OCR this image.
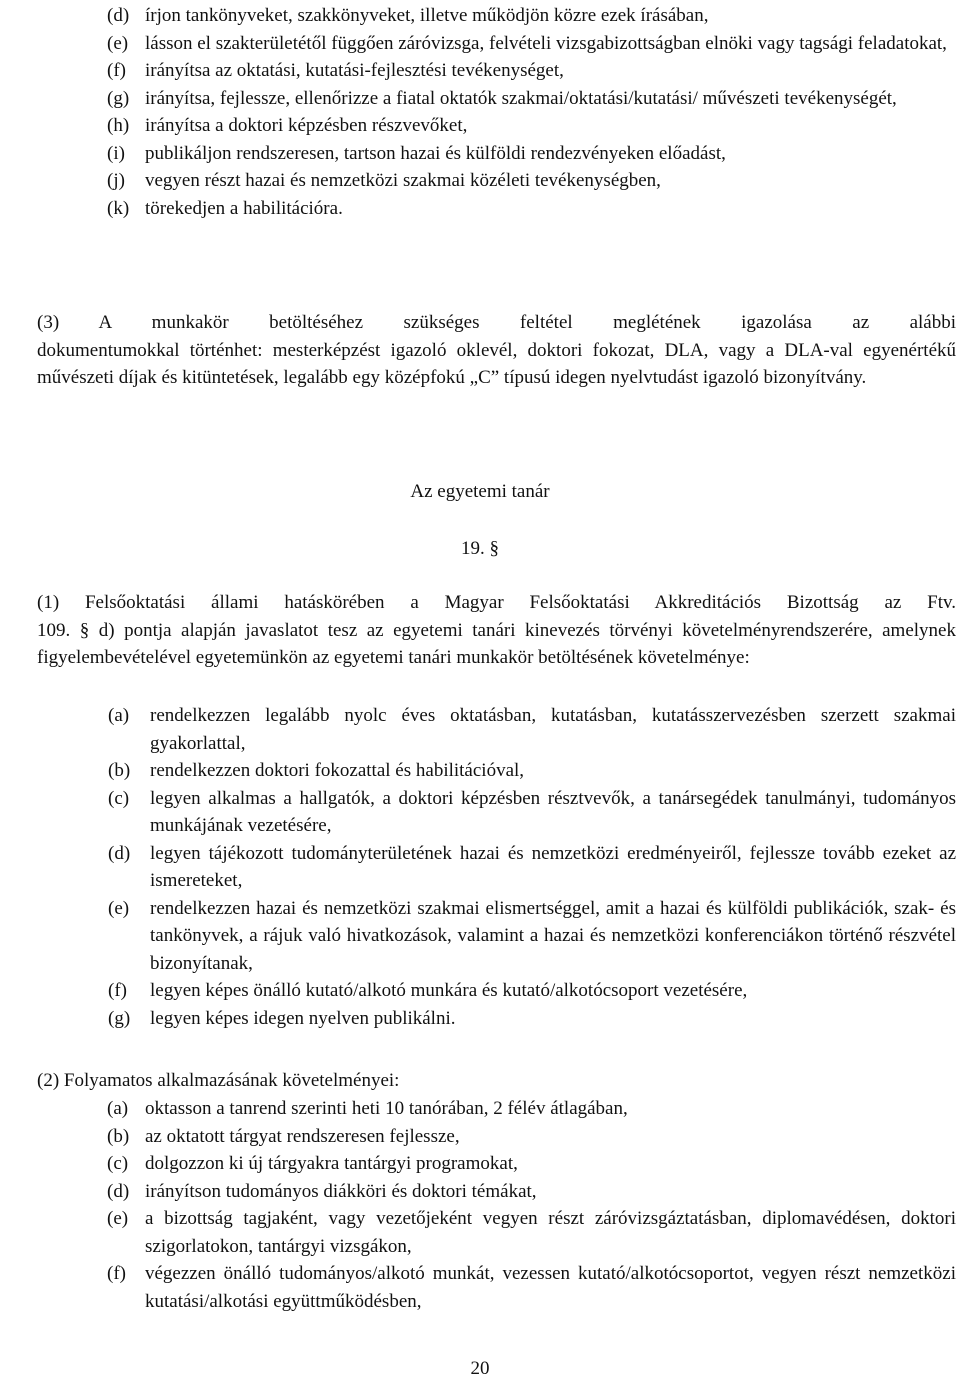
(d) írjon tankönyveket, szakkönyveket, illetve működjön közre ezek írásában,
(e) lásson el szakterületétől függően záróvizsga, felvételi vizsgabizottságban elnöki vagy tagsági feladatokat,
(f)	irányítsa az oktatási, kutatási-fejlesztési tevékenységet,
(g) irányítsa, fejlessze, ellenőrizze a fiatal oktatók szakmai/oktatási/kutatási/ művészeti tevékenységét,
(h) irányítsa a doktori képzésben részvevőket,
(i)	publikáljon rendszeresen, tartson hazai és külföldi rendezvényeken előadást,
(j)	vegyen részt hazai és nemzetközi szakmai közéleti tevékenységben,
(k) törekedjen a habilitációra.
(3) A munkakör betöltéséhez szükséges feltétel meglétének igazolása az alábbi
dokumentumokkal történhet: mesterképzést igazoló oklevél, doktori fokozat, DLA, vagy a DLA-val egyenértékű művészeti díjak és kitüntetések, legalább egy középfokú „C” típusú idegen nyelvtudást igazoló bizonyítvány.
Az egyetemi tanár
19. §
(1) Felsőoktatási állami hatáskörében a Magyar Felsőoktatási Akkreditációs Bizottság az Ftv.
109. § d) pontja alapján javaslatot tesz az egyetemi tanári kinevezés törvényi követelményrendszerére, amelynek figyelembevételével egyetemünkön az egyetemi tanári munkakör betöltésének követelménye:
(a)	rendelkezzen legalább nyolc éves oktatásban, kutatásban, kutatásszervezésben szerzett szakmai gyakorlattal,
(b)	rendelkezzen doktori fokozattal és habilitációval,
(c)	legyen alkalmas a hallgatók, a doktori képzésben résztvevők, a tanársegédek tanulmányi, tudományos munkájának vezetésére,
(d)	legyen tájékozott tudományterületének hazai és nemzetközi eredményeiről, fejlessze tovább ezeket az ismereteket,
(e)	rendelkezzen hazai és nemzetközi szakmai elismertséggel, amit a hazai és külföldi publikációk, szak- és tankönyvek, a rájuk való hivatkozások, valamint a hazai és nemzetközi konferenciákon történő részvétel bizonyítanak,
(f)	legyen képes önálló kutató/alkotó munkára és kutató/alkotócsoport vezetésére,
(g)	legyen képes idegen nyelven publikálni.
(2) Folyamatos alkalmazásának követelményei:
(a) oktasson a tanrend szerinti heti 10 tanórában, 2 félév átlagában,
(b) az oktatott tárgyat rendszeresen fejlessze,
(c) dolgozzon ki új tárgyakra tantárgyi programokat,
(d) irányítson tudományos diákköri és doktori témákat,
(e) a bizottság tagjaként, vagy vezetőjeként vegyen részt záróvizsgáztatásban, diplomavédésen, doktori szigorlatokon, tantárgyi vizsgákon,
(f)	végezzen önálló tudományos/alkotó munkát, vezessen kutató/alkotócsoportot, vegyen részt nemzetközi kutatási/alkotási együttműködésben,
20
